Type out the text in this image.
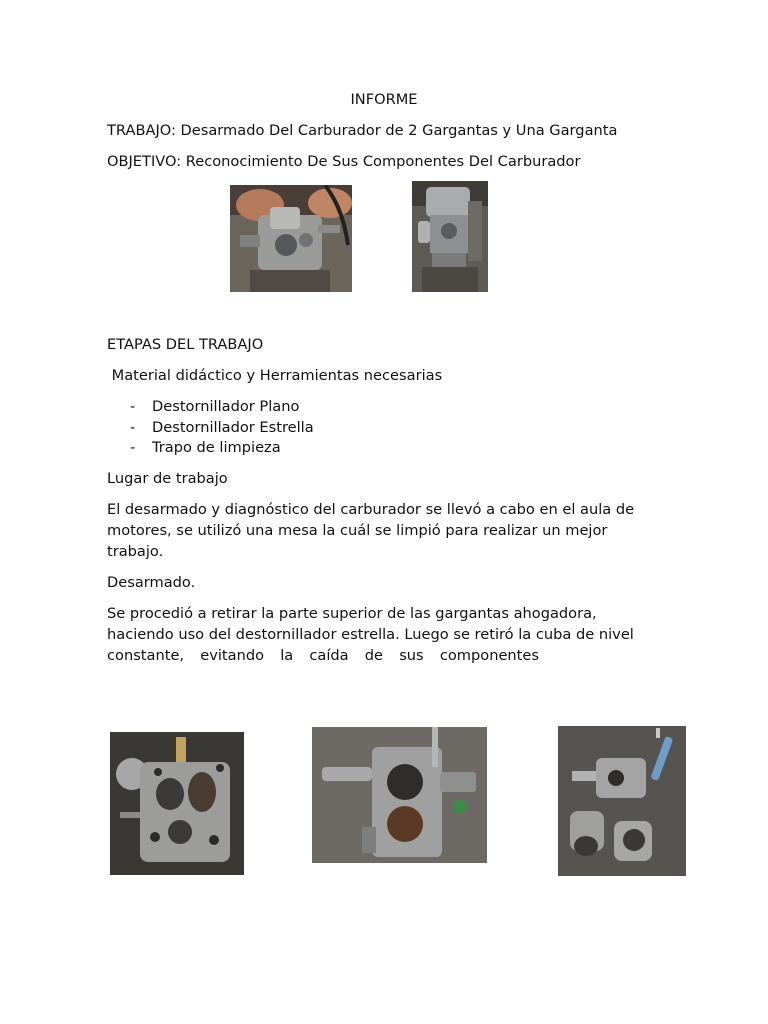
INFORME
TRABAJO: Desarmado Del Carburador de 2 Gargantas y Una Garganta
OBJETIVO: Reconocimiento De Sus Componentes Del Carburador
ETAPAS DEL TRABAJO
Material didáctico y Herramientas necesarias
- Destornillador Plano
- Destornillador Estrella
- Trapo de limpieza
Lugar de trabajo
El desarmado y diagnóstico del carburador se llevó a cabo en el aula de
motores, se utilizó una mesa la cuál se limpió para realizar un mejor
trabajo.
Desarmado.
Se procedió a retirar la parte superior de las gargantas ahogadora,
haciendo uso del destornillador estrella. Luego se retiró la cuba de nivel
constante, evitando la caída de sus componentes
